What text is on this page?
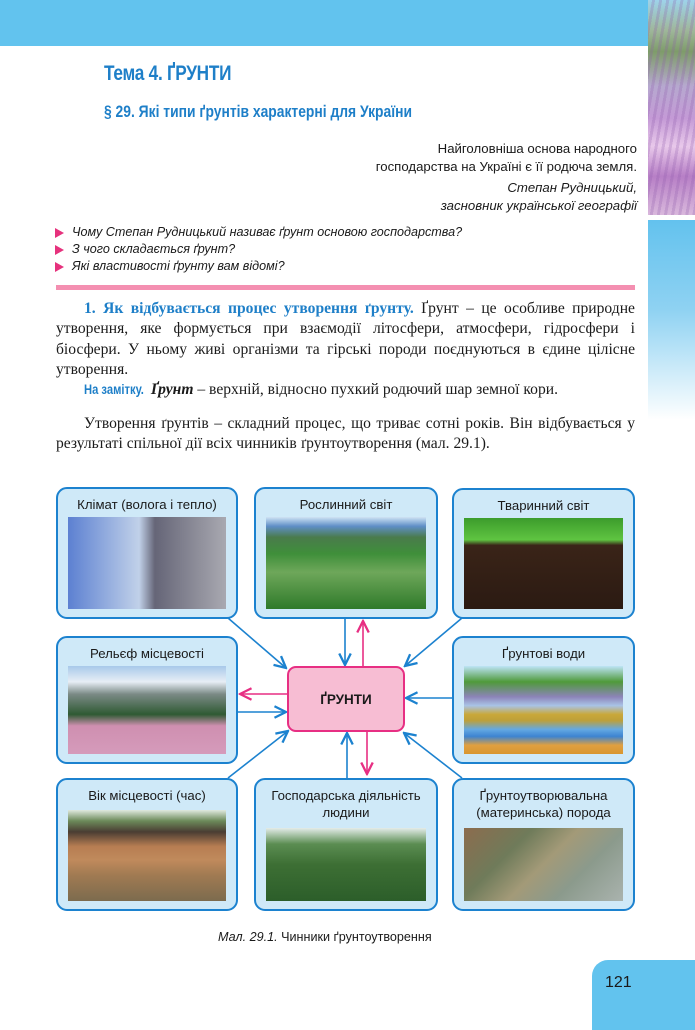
Тема 4. ҐРУНТИ
§ 29. Які типи ґрунтів характерні для України
Найголовніша основа народного
господарства на Україні є її родюча земля.
Степан Рудницький,
засновник української географії
Чому Степан Рудницький називає ґрунт основою господарства?
З чого складається ґрунт?
Які властивості ґрунту вам відомі?
1. Як відбувається процес утворення ґрунту. Ґрунт – це особливе природне утворення, яке формується при взаємодії літосфери, атмосфери, гідросфери і біосфери. У ньому живі організми та гірські породи поєднуються в єдине цілісне утворення.
На замітку. Ґрунт – верхній, відносно пухкий родючий шар земної кори.
Утворення ґрунтів – складний процес, що триває сотні років. Він відбувається у результаті спільної дії всіх чинників ґрунтоутворення (мал. 29.1).
Клімат (волога і тепло)	Рослинний світ	Тваринний світ
Рельєф місцевості	Ґрунтові води
ҐРУНТИ
Вік місцевості (час)	Господарська діяльність людини
Ґрунтоутворювальна (материнська) порода
Мал. 29.1. Чинники ґрунтоутворення
121
